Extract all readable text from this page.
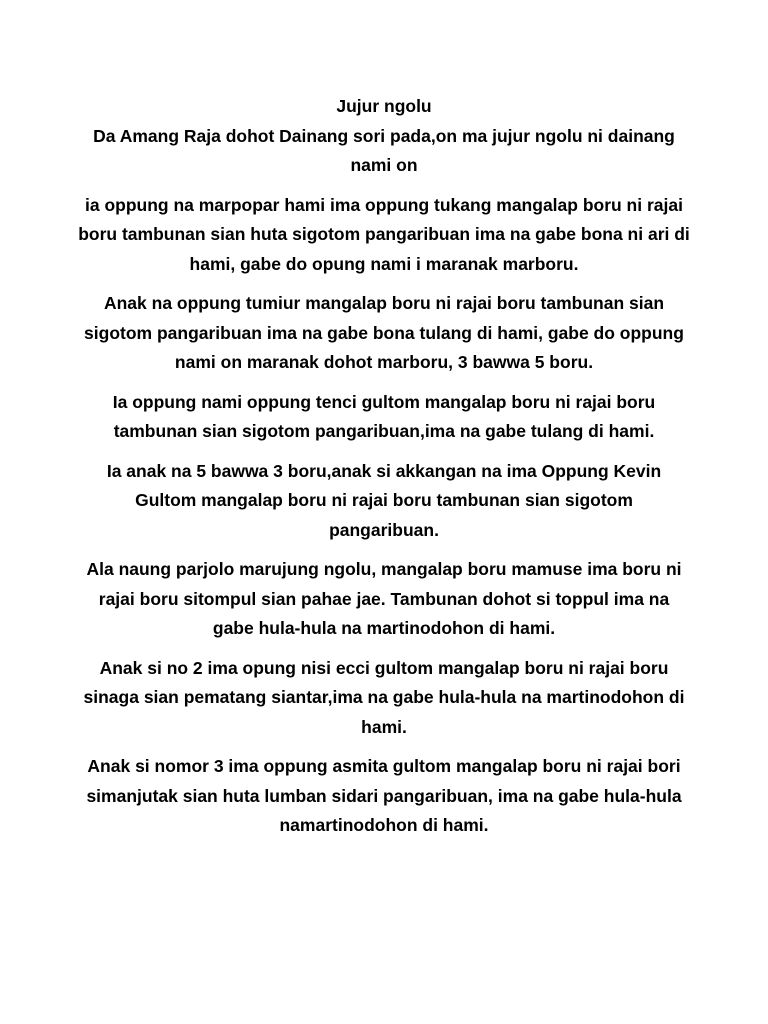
Jujur ngolu
Da Amang Raja dohot Dainang sori pada,on ma jujur ngolu ni dainang nami on

ia oppung na marpopar hami ima oppung tukang mangalap boru ni rajai boru tambunan sian huta sigotom pangaribuan ima na gabe bona ni ari di hami, gabe do opung nami i maranak marboru.

Anak na oppung tumiur mangalap boru ni rajai boru tambunan sian sigotom pangaribuan ima na gabe bona tulang di hami, gabe do oppung nami on maranak dohot marboru, 3 bawwa 5 boru.

Ia oppung nami oppung tenci gultom mangalap boru ni rajai boru tambunan sian sigotom pangaribuan,ima na gabe tulang di hami.

Ia anak na 5 bawwa 3 boru,anak si akkangan na ima Oppung Kevin Gultom mangalap boru ni rajai boru tambunan sian sigotom pangaribuan.

Ala naung parjolo marujung ngolu, mangalap boru mamuse ima boru ni rajai boru sitompul sian pahae jae. Tambunan dohot si toppul ima na gabe hula-hula na martinodohon di hami.

Anak si no 2 ima opung nisi ecci gultom mangalap boru ni rajai boru sinaga sian pematang siantar,ima na gabe hula-hula na martinodohon di hami.

Anak si nomor 3 ima oppung asmita gultom mangalap boru ni rajai bori simanjutak sian huta lumban sidari pangaribuan, ima na gabe hula-hula namartinodohon di hami.
